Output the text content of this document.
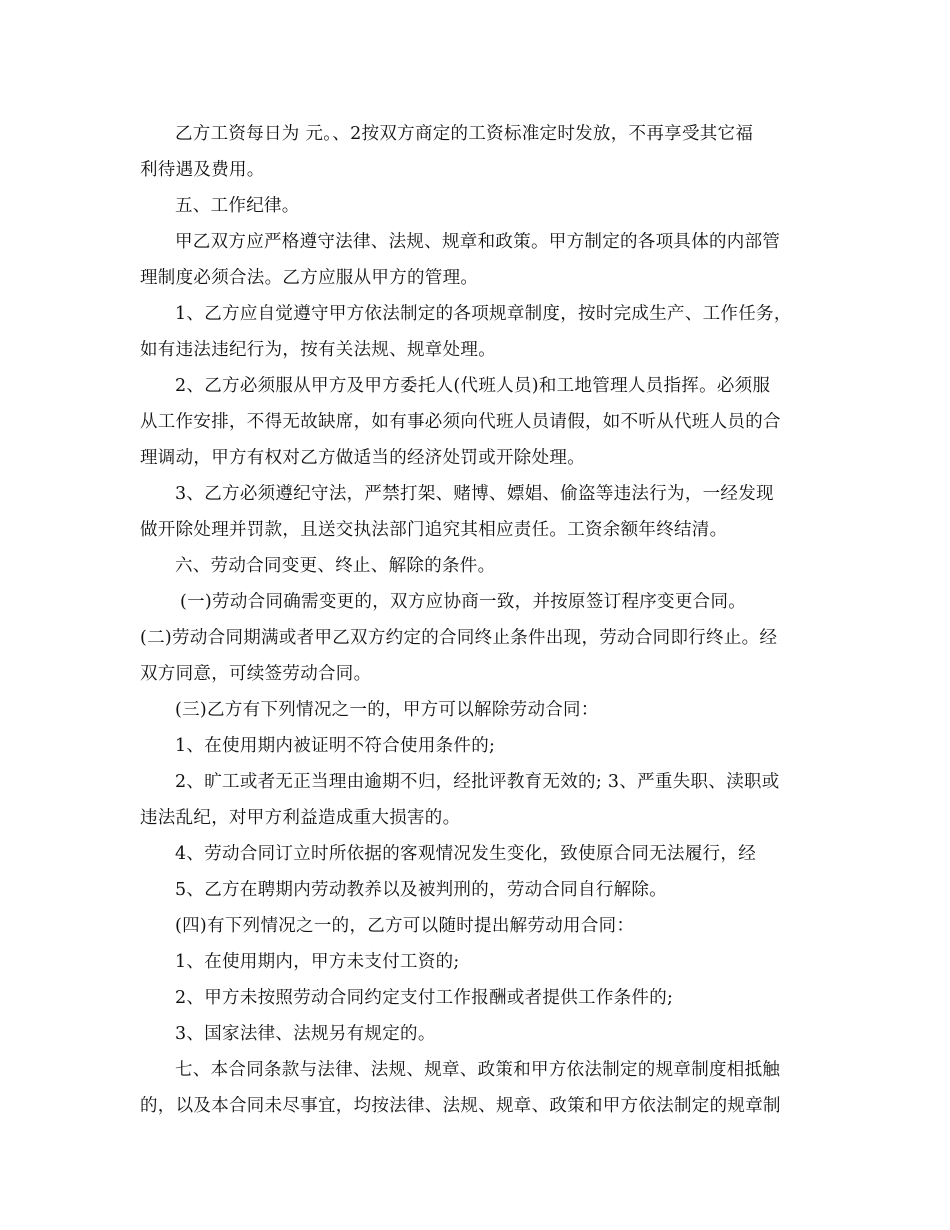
乙方工资每日为 元。、2按双方商定的工资标准定时发放，不再享受其它福
利待遇及费用。
五、工作纪律。
甲乙双方应严格遵守法律、法规、规章和政策。甲方制定的各项具体的内部管
理制度必须合法。乙方应服从甲方的管理。
1、乙方应自觉遵守甲方依法制定的各项规章制度，按时完成生产、工作任务，
如有违法违纪行为，按有关法规、规章处理。
2、乙方必须服从甲方及甲方委托人(代班人员)和工地管理人员指挥。必须服
从工作安排，不得无故缺席，如有事必须向代班人员请假，如不听从代班人员的合
理调动，甲方有权对乙方做适当的经济处罚或开除处理。
3、乙方必须遵纪守法，严禁打架、赌博、嫖娼、偷盗等违法行为，一经发现
做开除处理并罚款，且送交执法部门追究其相应责任。工资余额年终结清。
六、劳动合同变更、终止、解除的条件。
(一)劳动合同确需变更的，双方应协商一致，并按原签订程序变更合同。
(二)劳动合同期满或者甲乙双方约定的合同终止条件出现，劳动合同即行终止。经
双方同意，可续签劳动合同。
(三)乙方有下列情况之一的，甲方可以解除劳动合同：
1、在使用期内被证明不符合使用条件的;
2、旷工或者无正当理由逾期不归，经批评教育无效的; 3、严重失职、渎职或
违法乱纪，对甲方利益造成重大损害的。
4、劳动合同订立时所依据的客观情况发生变化，致使原合同无法履行，经
5、乙方在聘期内劳动教养以及被判刑的，劳动合同自行解除。
(四)有下列情况之一的，乙方可以随时提出解劳动用合同：
1、在使用期内，甲方未支付工资的;
2、甲方未按照劳动合同约定支付工作报酬或者提供工作条件的;
3、国家法律、法规另有规定的。
七、本合同条款与法律、法规、规章、政策和甲方依法制定的规章制度相抵触
的，以及本合同未尽事宜，均按法律、法规、规章、政策和甲方依法制定的规章制
